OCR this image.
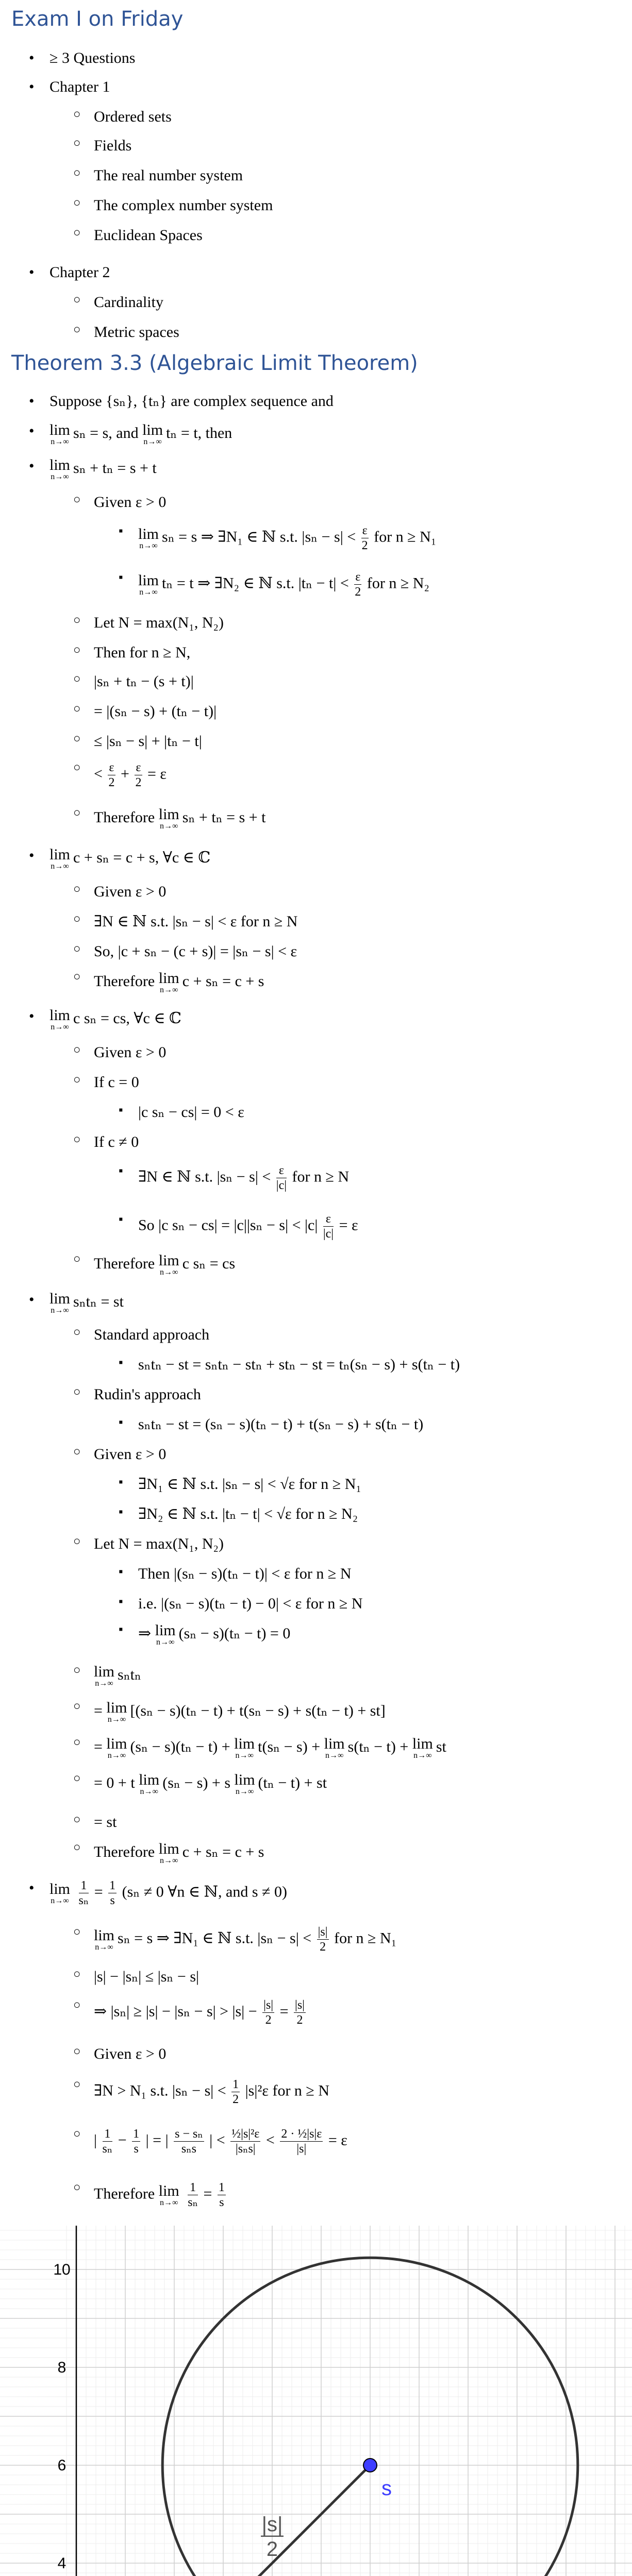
Exam I on Friday
• ≥ 3 Questions
• Chapter 1
○ Ordered sets
○ Fields
○ The real number system
○ The complex number system
○ Euclidean Spaces
• Chapter 2
○ Cardinality
○ Metric spaces
Theorem 3.3 (Algebraic Limit Theorem)
• Suppose {sₙ}, {tₙ} are complex sequence and
• lim
n→∞
sₙ = s, and lim
n→∞
tₙ = t, then
• lim
n→∞
sₙ + tₙ = s + t
○ Given ε > 0
▪ lim
n→∞
sₙ = s ⇒ ∃N₁ ∈ ℕ s.t. $|s_n - s| < \frac{\varepsilon}{2}$ for n ≥ N₁
▪ lim
n→∞
tₙ = t ⇒ ∃N₂ ∈ ℕ s.t. $|t_n - t| < \frac{\varepsilon}{2}$ for n ≥ N₂
○ Let N = max(N₁, N₂)
○ Then for n ≥ N,
○ |sₙ + tₙ − (s + t)|
○ = |(sₙ − s) + (tₙ − t)|
○ ≤ |sₙ − s| + |tₙ − t|
○ < $\frac{\varepsilon}{2} + \frac{\varepsilon}{2} = \varepsilon$
○ Therefore lim
n→∞
sₙ + tₙ = s + t
• lim
n→∞
c + sₙ = c + s, ∀c ∈ ℂ
○ Given ε > 0
○ ∃N ∈ ℕ s.t. |sₙ − s| < ε for n ≥ N
○ So, |c + sₙ − (c + s)| = |sₙ − s| < ε
○ Therefore lim
n→∞
c + sₙ = c + s
• lim
n→∞
c sₙ = cs, ∀c ∈ ℂ
○ Given ε > 0
○ If c = 0
▪ |c sₙ − cs| = 0 < ε
○ If c ≠ 0
▪ ∃N ∈ ℕ s.t. $|s_n - s| < \frac{\varepsilon}{|c|}$ for n ≥ N
▪ So |c $s_n - cs| = |c||s_n - s| < |c| \frac{\varepsilon}{|c|} = \varepsilon$
○ Therefore lim
n→∞
c sₙ = cs
• lim
n→∞
sₙtₙ = st
○ Standard approach
▪ sₙtₙ − st = sₙtₙ − stₙ + stₙ − st = tₙ(sₙ − s) + s(tₙ − t)
○ Rudin's approach
▪ sₙtₙ − st = (sₙ − s)(tₙ − t) + t(sₙ − s) + s(tₙ − t)
○ Given ε > 0
▪ ∃N₁ ∈ ℕ s.t. |sₙ − s| < √ε for n ≥ N₁
▪ ∃N₂ ∈ ℕ s.t. |tₙ − t| < √ε for n ≥ N₂
○ Let N = max(N₁, N₂)
▪ Then |(sₙ − s)(tₙ − t)| < ε for n ≥ N
▪ i.e. |(sₙ − s)(tₙ − t) − 0| < ε for n ≥ N
▪ ⇒ lim
n→∞
(sₙ − s)(tₙ − t) = 0
○ lim
n→∞
sₙtₙ
○ = lim
n→∞
[(sₙ − s)(tₙ − t) + t(sₙ − s) + s(tₙ − t) + st]
○ = lim
n→∞
(sₙ − s)(tₙ − t) + lim
n→∞
t(sₙ − s) + lim
n→∞
s(tₙ − t) + lim
n→∞
st
○ = 0 + t lim
n→∞
(sₙ − s) + s lim
n→∞
(tₙ − t) + st
○ = st
○ Therefore lim
n→∞
c + sₙ = c + s
• lim
n→∞
$\frac{1}{\text{sₙ}} = \frac{1}{s} (s_n \ne 0$ ∀n ∈ ℕ, and s ≠ 0)
○ lim
n→∞
sₙ = s ⇒ ∃N₁ ∈ ℕ s.t. $|s_n - s| < \frac{|s|}{2}$ for n ≥ N₁
○ |s| − |sₙ| ≤ |sₙ − s|
○ ⇒ $|s_n| \ge |s| - |s_n - s| > |s| - \frac{|s|}{2} = \frac{|s|}{2}$
○ Given ε > 0
○ ∃N > N₁ s.t. $|s_n - s| < \frac{1}{2} |s|^2\varepsilon$ for n ≥ N
○ | $\frac{1}{\text{sₙ}} - \frac{1}{s}$ | = | $\frac{\text{s − sₙ}}{\text{sₙs}}$ | < $\frac{\text{½|s|²ε}}{\text{|sₙs|}} < \frac{\text{2 · ½|s|ε}}{|s|} = \varepsilon$
○ Therefore lim
n→∞
$\frac{1}{\text{sₙ}} = \frac{1}{s}$
4
6
8
10
s
|s|
2
